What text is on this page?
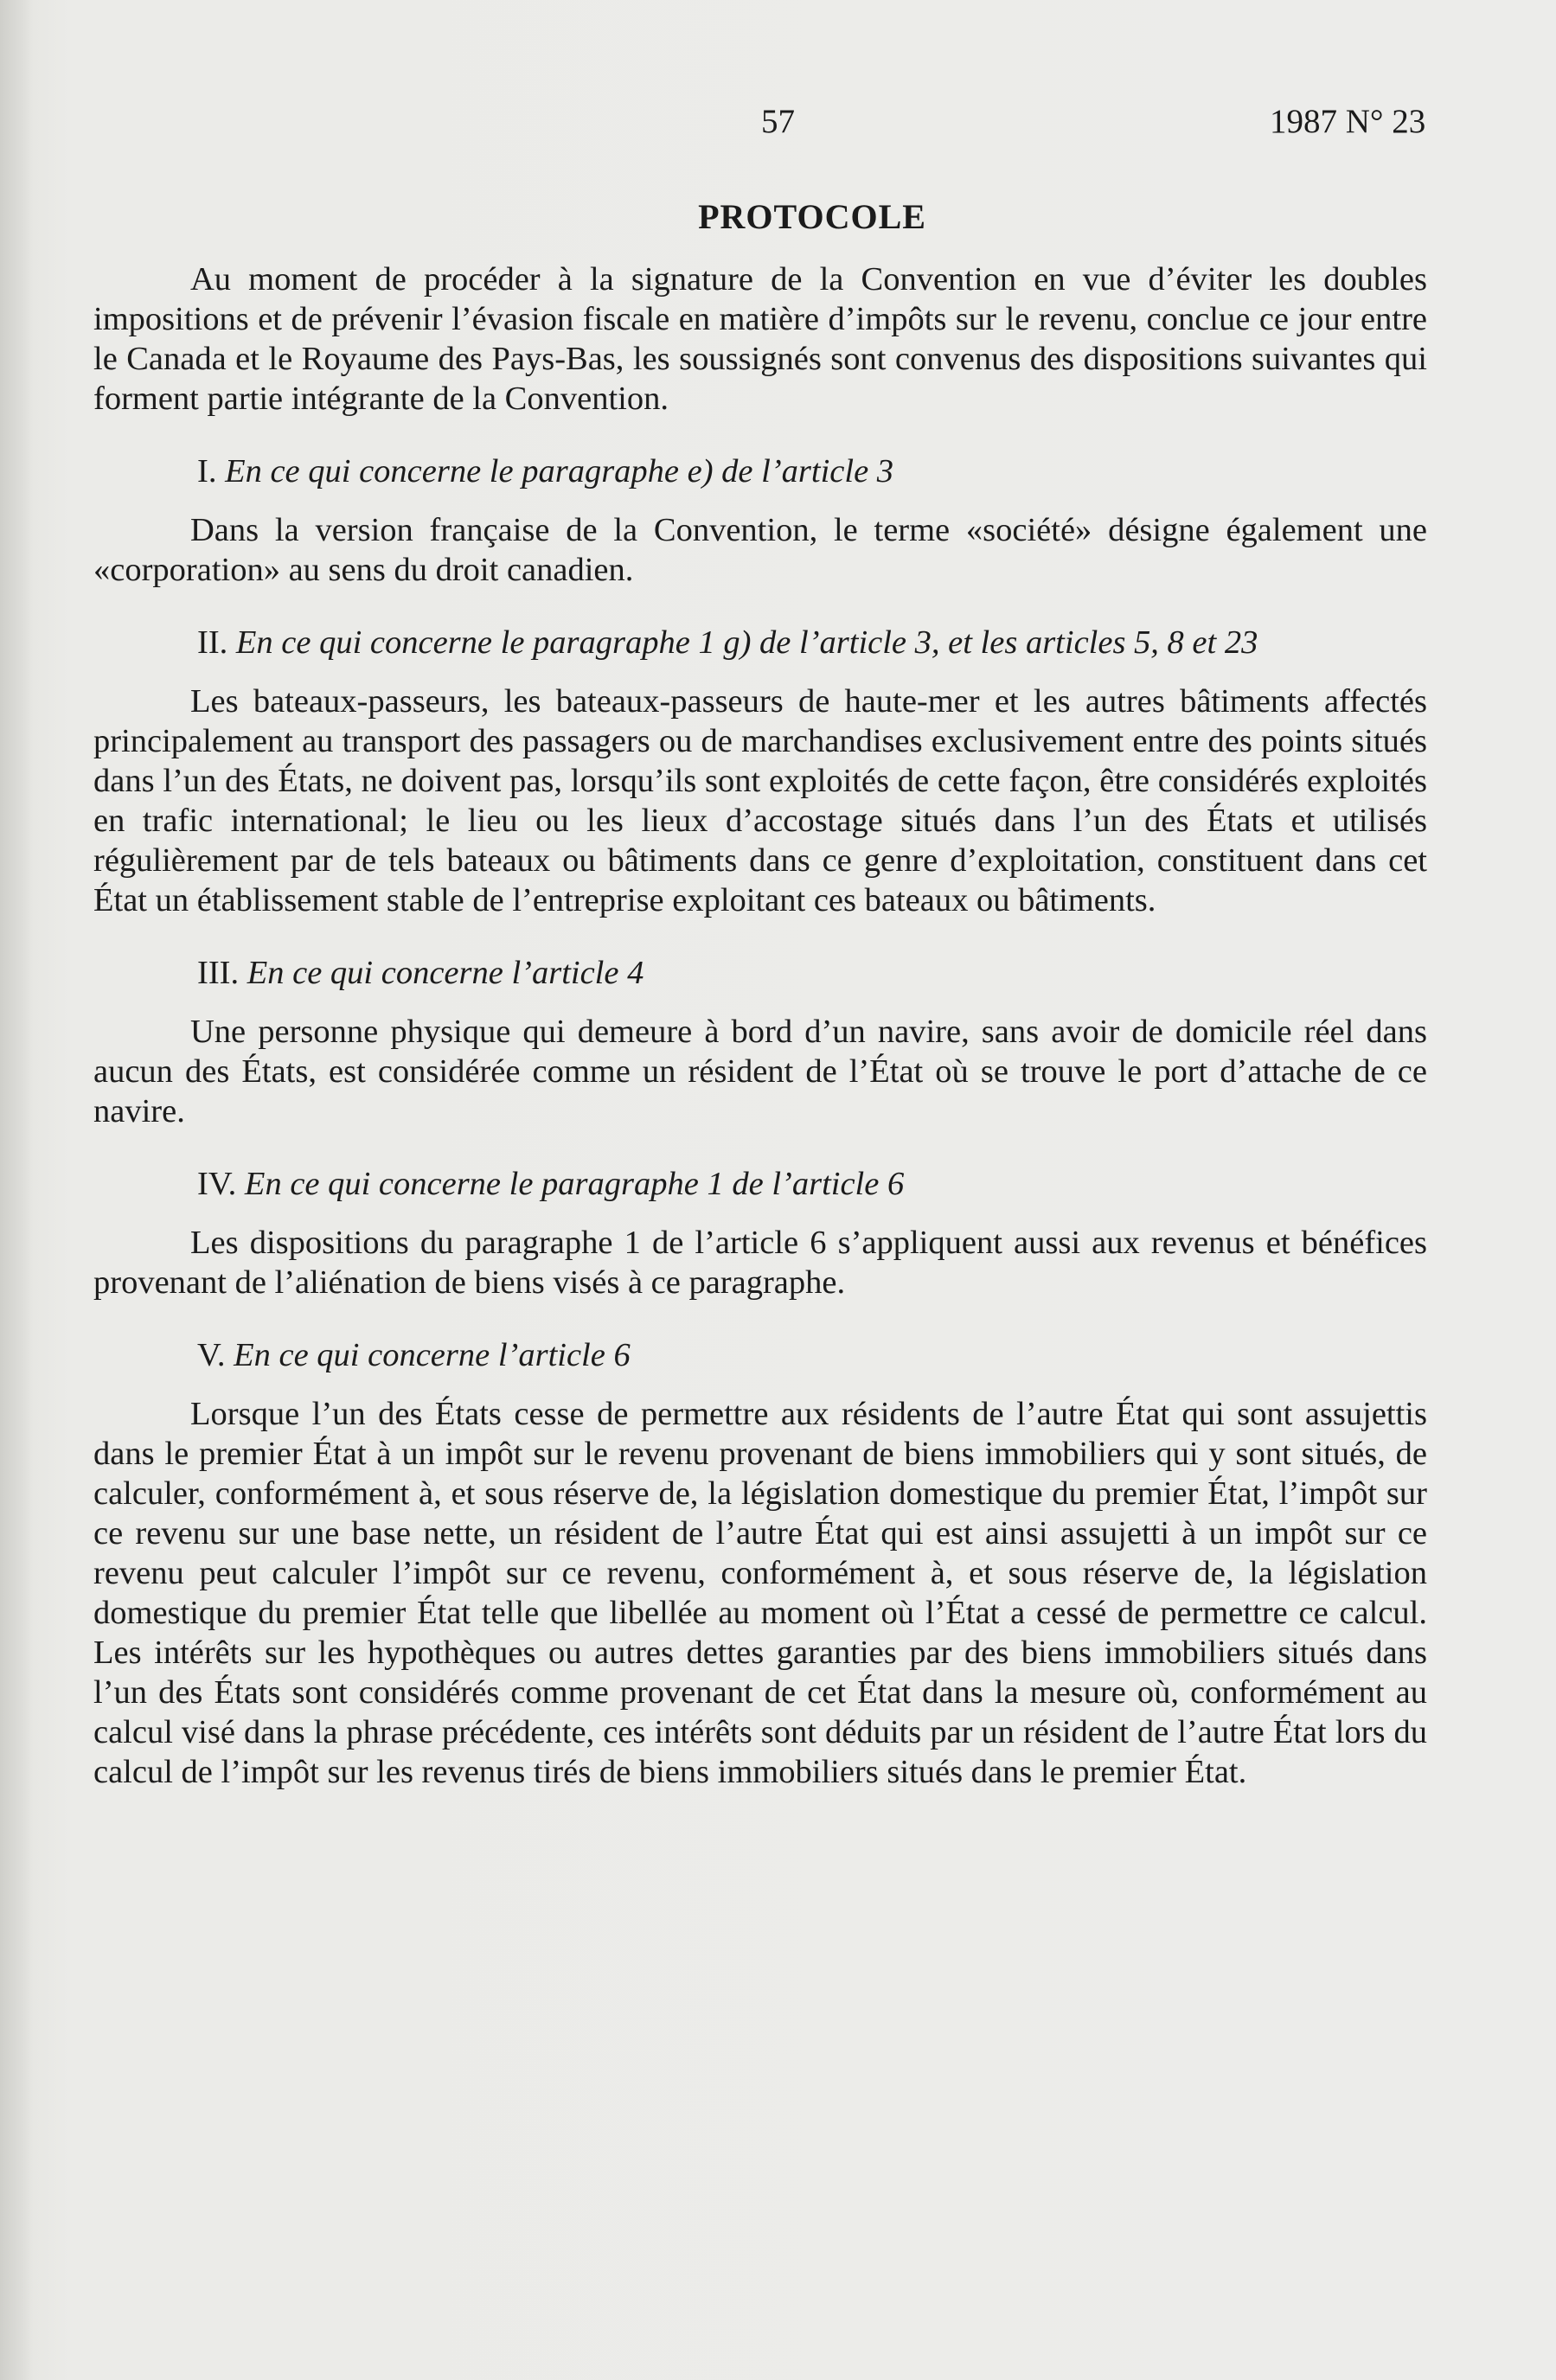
57	1987 N° 23
PROTOCOLE

Au moment de procéder à la signature de la Convention en vue d’éviter les doubles impositions et de prévenir l’évasion fiscale en matière d’impôts sur le revenu, conclue ce jour entre le Canada et le Royaume des Pays-Bas, les soussignés sont convenus des dispositions suivantes qui forment partie intégrante de la Convention.

I. En ce qui concerne le paragraphe e) de l’article 3

Dans la version française de la Convention, le terme «société» désigne également une «corporation» au sens du droit canadien.

II. En ce qui concerne le paragraphe 1 g) de l’article 3, et les articles 5, 8 et 23

Les bateaux-passeurs, les bateaux-passeurs de haute-mer et les autres bâtiments affectés principalement au transport des passagers ou de marchandises exclusivement entre des points situés dans l’un des États, ne doivent pas, lorsqu’ils sont exploités de cette façon, être considérés exploités en trafic international; le lieu ou les lieux d’accostage situés dans l’un des États et utilisés régulièrement par de tels bateaux ou bâtiments dans ce genre d’exploitation, constituent dans cet État un établissement stable de l’entreprise exploitant ces bateaux ou bâtiments.

III. En ce qui concerne l’article 4

Une personne physique qui demeure à bord d’un navire, sans avoir de domicile réel dans aucun des États, est considérée comme un résident de l’État où se trouve le port d’attache de ce navire.

IV. En ce qui concerne le paragraphe 1 de l’article 6

Les dispositions du paragraphe 1 de l’article 6 s’appliquent aussi aux revenus et bénéfices provenant de l’aliénation de biens visés à ce paragraphe.

V. En ce qui concerne l’article 6

Lorsque l’un des États cesse de permettre aux résidents de l’autre État qui sont assujettis dans le premier État à un impôt sur le revenu provenant de biens immobiliers qui y sont situés, de calculer, conformément à, et sous réserve de, la législation domestique du premier État, l’impôt sur ce revenu sur une base nette, un résident de l’autre État qui est ainsi assujetti à un impôt sur ce revenu peut calculer l’impôt sur ce revenu, conformément à, et sous réserve de, la législation domestique du premier État telle que libellée au moment où l’État a cessé de permettre ce calcul. Les intérêts sur les hypothèques ou autres dettes garanties par des biens immobiliers situés dans l’un des États sont considérés comme provenant de cet État dans la mesure où, conformément au calcul visé dans la phrase précédente, ces intérêts sont déduits par un résident de l’autre État lors du calcul de l’impôt sur les revenus tirés de biens immobiliers situés dans le premier État.
